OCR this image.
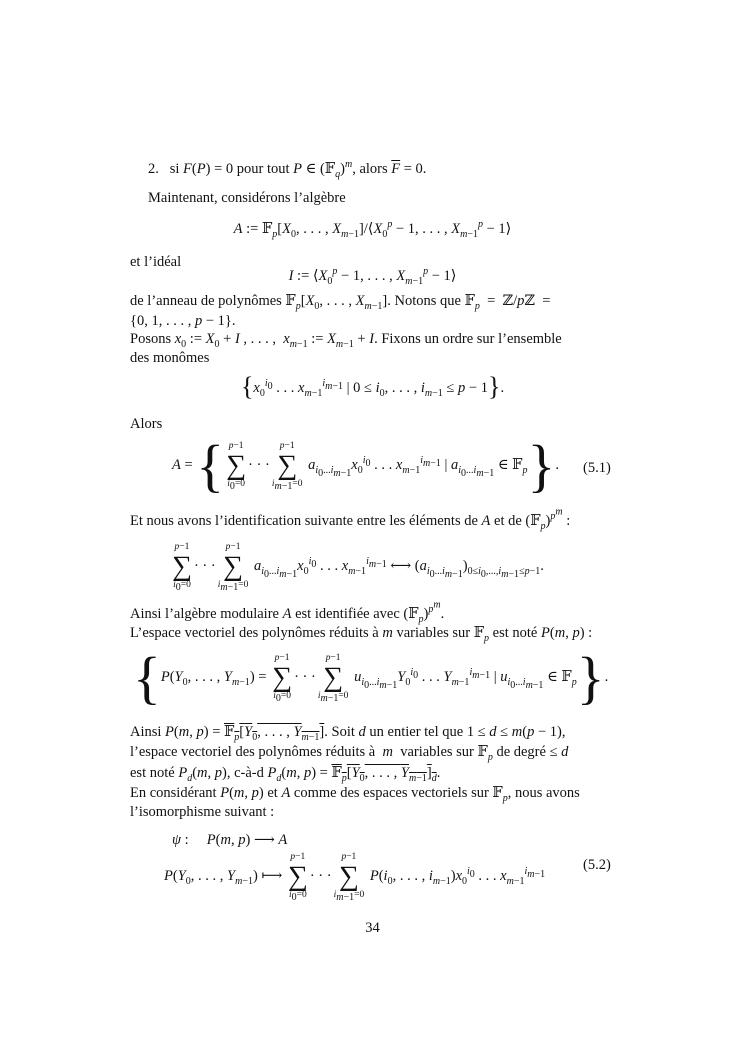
2.   si F(P) = 0 pour tout P ∈ (𝔽$_q$)$^m$, alors $\overline{F} = 0$.
Maintenant, considérons l’algèbre
A := $𝔽_p[X_0$, . . . , $X_{m-1}]/⟨X_0^p - 1$, . . . , $X_{m-1}^p$ − 1⟩
et l’idéal
I := $⟨X_0^p - 1$, . . . , $X_{m-1}^p$ − 1⟩
de l’anneau de polynômes $𝔽_p[X_0$, . . . , $X_{m-1}$]. Notons que 𝔽$_p$  =  ℤ/pℤ  =
{0, 1, . . . , p − 1}.
Posons $x_0$ := $X_0 + I$ , . . . ,  $x_{m-1}$ := $X_{m-1} + I$. Fixons un ordre sur l’ensemble
des monômes
{$x_0^{i_0}$ . . . $x_{m-1}^{i_{m-1}}$ | $0 \le i_0$, . . . , $i_{m-1} \le p - 1$}.
Alors
A = { p−1
∑
$i_0=0$
· · ·
p−1
∑
$i_{m-1}=0$
$a_{i_0...i_{m-1}}x_0^{i_0}$ . . . $x_{m-1}^{i_{m-1}}$ | $a_{i_0...i_{m-1}}$ ∈ 𝔽$_p$}. (5.1)
Et nous avons l’identification suivante entre les éléments de A et de (𝔽$_p$)$^{p^m}$ :
p−1
∑
$i_0=0$
· · ·
p−1
∑
$i_{m-1}=0$
$a_{i_0...i_{m-1}}x_0^{i_0}$ . . . $x_{m-1}^{i_{m-1}}$ ⟷ $(a_{i_0...i_{m-1}})_{0\le i_0,...,i_{m-1}\le p-1}$.
Ainsi l’algèbre modulaire A est identifiée avec (𝔽$_p$)$^{p^m}$.
L’espace vectoriel des polynômes réduits à m variables sur 𝔽$_p$ est noté P(m, p) :
{$P(Y_0$, . . . , $Y_{m-1}$) =
p−1
∑
$i_0=0$
· · ·
p−1
∑
$i_{m-1}=0$
$u_{i_0...i_{m-1}}Y_0^{i_0}$ . . . $Y_{m-1}^{i_{m-1}}$ | $u_{i_0...i_{m-1}}$ ∈ 𝔽$_p$}.
Ainsi P(m, $p) = 𝔽_p[Y_0$, . . . , $Y_{m-1}$]. Soit d un entier tel que 1 ≤ d ≤ m(p − 1),
l’espace vectoriel des polynômes réduits à  m  variables sur 𝔽$_p$ de degré ≤ d
est noté $P_d(m$, p), c-à-d $P_d(m$, $p) = 𝔽_p[Y_0$, . . . , $Y_{m-1}]_d$.
En considérant P(m, p) et A comme des espaces vectoriels sur 𝔽$_p$, nous avons
l’isomorphisme suivant :
ψ :     P(m, p) ⟶ A
$P(Y_0$, . . . , $Y_{m-1}$) ⟼
p−1
∑
$i_0=0$
· · ·
p−1
∑
$i_{m-1}=0$
$P(i_0$, . . . , $i_{m-1})x_0^{i_0}$ . . . $x_{m-1}^{i_{m-1}}$
(5.2)
34
